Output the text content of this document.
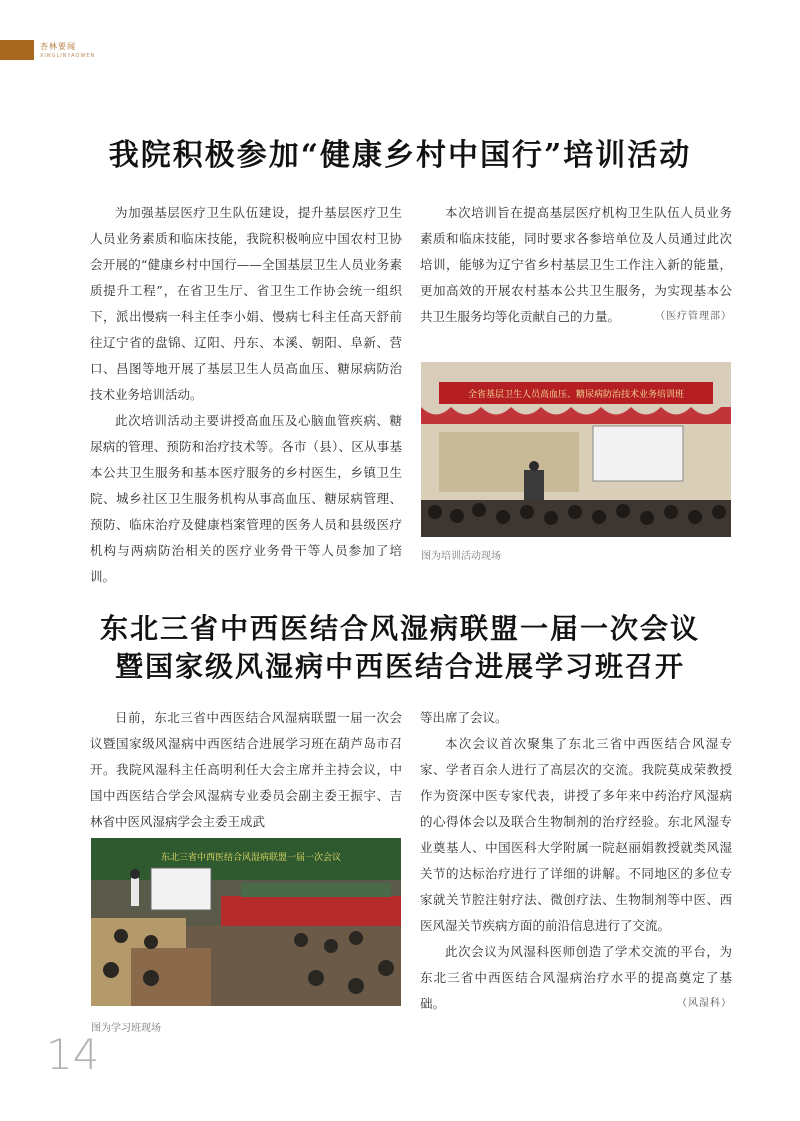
杏林要闻
XINGLINYAOWEN
我院积极参加“健康乡村中国行”培训活动

为加强基层医疗卫生队伍建设，提升基层医疗卫生人员业务素质和临床技能，我院积极响应中国农村卫协会开展的“健康乡村中国行——全国基层卫生人员业务素质提升工程”，在省卫生厅、省卫生工作协会统一组织下，派出慢病一科主任李小娟、慢病七科主任高天舒前往辽宁省的盘锦、辽阳、丹东、本溪、朝阳、阜新、营口、昌图等地开展了基层卫生人员高血压、糖尿病防治技术业务培训活动。

此次培训活动主要讲授高血压及心脑血管疾病、糖尿病的管理、预防和治疗技术等。各市（县）、区从事基本公共卫生服务和基本医疗服务的乡村医生，乡镇卫生院、城乡社区卫生服务机构从事高血压、糖尿病管理、预防、临床治疗及健康档案管理的医务人员和县级医疗机构与两病防治相关的医疗业务骨干等人员参加了培训。

本次培训旨在提高基层医疗机构卫生队伍人员业务素质和临床技能，同时要求各参培单位及人员通过此次培训，能够为辽宁省乡村基层卫生工作注入新的能量，更加高效的开展农村基本公共卫生服务，为实现基本公共卫生服务均等化贡献自己的力量。	（医疗管理部）

全省基层卫生人员高血压、糖尿病防治技术业务培训班
图为培训活动现场
东北三省中西医结合风湿病联盟一届一次会议
暨国家级风湿病中西医结合进展学习班召开

日前，东北三省中西医结合风湿病联盟一届一次会议暨国家级风湿病中西医结合进展学习班在葫芦岛市召开。我院风湿科主任高明利任大会主席并主持会议，中国中西医结合学会风湿病专业委员会副主委王振宇、吉林省中医风湿病学会主委王成武

东北三省中西医结合风湿病联盟一届一次会议
图为学习班现场

等出席了会议。

本次会议首次聚集了东北三省中西医结合风湿专家、学者百余人进行了高层次的交流。我院莫成荣教授作为资深中医专家代表，讲授了多年来中药治疗风湿病的心得体会以及联合生物制剂的治疗经验。东北风湿专业奠基人、中国医科大学附属一院赵丽娟教授就类风湿关节的达标治疗进行了详细的讲解。不同地区的多位专家就关节腔注射疗法、微创疗法、生物制剂等中医、西医风湿关节疾病方面的前沿信息进行了交流。

此次会议为风湿科医师创造了学术交流的平台，为东北三省中西医结合风湿病治疗水平的提高奠定了基础。	（风湿科）

14
